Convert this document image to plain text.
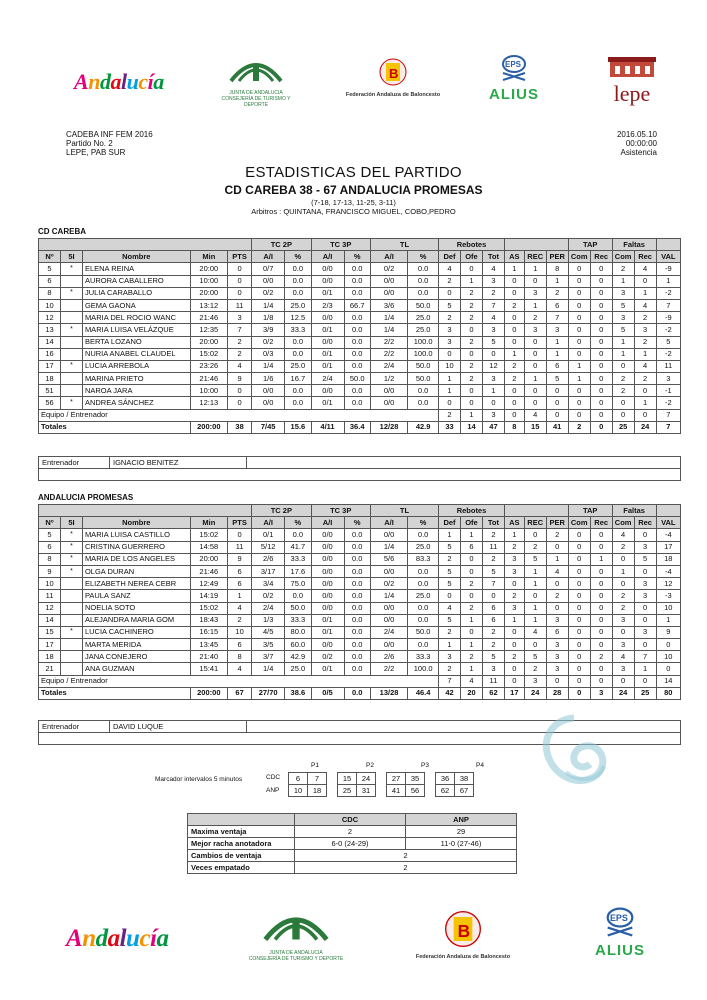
Andalucía	JUNTA DE ANDALUCIA
CONSEJERÍA DE TURISMO Y DEPORTE
B
Federación Andaluza de Baloncesto
EPS
ALIUS	lepe
CADEBA INF FEM 2016
Partido No. 2
LEPE, PAB SUR
2016.05.10
00:00:00
Asistencia
ESTADISTICAS DEL PARTIDO
CD CAREBA 38 - 67 ANDALUCIA PROMESAS
(7-18, 17-13, 11-25, 3-11)
Arbitros : QUINTANA, FRANCISCO MIGUEL, COBO,PEDRO
CD CAREBA
					TC 2P		TC 3P		TL		Rebotes						TAP		Faltas		
Nº	5I	Nombre	Min	PTS	A/I	%	A/I	%	A/I	%	Def	Ofe	Tot	AS	REC	PER	Com	Rec	Com	Rec	VAL
5	*	ELENA REINA	20:00	0	0/7	0.0	0/0	0.0	0/2	0.0	4	0	4	1	1	8	0	0	2	4	-9
6		AURORA CABALLERO	10:00	0	0/0	0.0	0/0	0.0	0/0	0.0	2	1	3	0	0	1	0	0	1	0	1
8	*	JULIA CARABALLO	20:00	0	0/2	0.0	0/1	0.0	0/0	0.0	0	2	2	0	3	2	0	0	3	1	-2
10		GEMA GAONA	13:12	11	1/4	25.0	2/3	66.7	3/6	50.0	5	2	7	2	1	6	0	0	5	4	7
12		MARIA DEL ROCIO WANC	21:46	3	1/8	12.5	0/0	0.0	1/4	25.0	2	2	4	0	2	7	0	0	3	2	-9
13	*	MARIA LUISA VELÁZQUE	12:35	7	3/9	33.3	0/1	0.0	1/4	25.0	3	0	3	0	3	3	0	0	5	3	-2
14		BERTA LOZANO	20:00	2	0/2	0.0	0/0	0.0	2/2	100.0	3	2	5	0	0	1	0	0	1	2	5
16		NURIA ANABEL CLAUDEL	15:02	2	0/3	0.0	0/1	0.0	2/2	100.0	0	0	0	1	0	1	0	0	1	1	-2
17	*	LUCIA ARREBOLA	23:26	4	1/4	25.0	0/1	0.0	2/4	50.0	10	2	12	2	0	6	1	0	0	4	11
18		MARINA PRIETO	21:46	9	1/6	16.7	2/4	50.0	1/2	50.0	1	2	3	2	1	5	1	0	2	2	3
51		NAROA JARA	10:00	0	0/0	0.0	0/0	0.0	0/0	0.0	1	0	1	0	0	0	0	0	2	0	-1
56	*	ANDREA SÁNCHEZ	12:13	0	0/0	0.0	0/1	0.0	0/0	0.0	0	0	0	0	0	0	0	0	0	1	-2
Equipo / Entrenador											2	1	3	0	4	0	0	0	0	0	7
Totales			200:00	38	7/45	15.6	4/11	36.4	12/28	42.9	33	14	47	8	15	41	2	0	25	24	7
Entrenador	IGNACIO BENITEZ	

ANDALUCIA PROMESAS
					TC 2P		TC 3P		TL		Rebotes						TAP		Faltas		
Nº	5I	Nombre	Min	PTS	A/I	%	A/I	%	A/I	%	Def	Ofe	Tot	AS	REC	PER	Com	Rec	Com	Rec	VAL
5	*	MARIA LUISA CASTILLO	15:02	0	0/1	0.0	0/0	0.0	0/0	0.0	1	1	2	1	0	2	0	0	4	0	-4
6	*	CRISTINA GUERRERO	14:58	11	5/12	41.7	0/0	0.0	1/4	25.0	5	6	11	2	2	0	0	0	2	3	17
8	*	MARIA DE LOS ANGELES	20:00	9	2/6	33.3	0/0	0.0	5/6	83.3	2	0	2	3	5	1	0	1	0	5	18
9	*	OLGA DURAN	21:46	6	3/17	17.6	0/0	0.0	0/0	0.0	5	0	5	3	1	4	0	0	1	0	-4
10		ELIZABETH NEREA CEBR	12:49	6	3/4	75.0	0/0	0.0	0/2	0.0	5	2	7	0	1	0	0	0	0	3	12
11		PAULA SANZ	14:19	1	0/2	0.0	0/0	0.0	1/4	25.0	0	0	0	2	0	2	0	0	2	3	-3
12		NOELIA SOTO	15:02	4	2/4	50.0	0/0	0.0	0/0	0.0	4	2	6	3	1	0	0	0	2	0	10
14		ALEJANDRA MARIA GOM	18:43	2	1/3	33.3	0/1	0.0	0/0	0.0	5	1	6	1	1	3	0	0	3	0	1
15	*	LUCIA CACHINERO	16:15	10	4/5	80.0	0/1	0.0	2/4	50.0	2	0	2	0	4	6	0	0	0	3	9
17		MARTA MERIDA	13:45	6	3/5	60.0	0/0	0.0	0/0	0.0	1	1	2	0	0	3	0	0	3	0	0
18		JANA CONEJERO	21:40	8	3/7	42.9	0/2	0.0	2/6	33.3	3	2	5	2	5	3	0	2	4	7	10
21		ANA GUZMAN	15:41	4	1/4	25.0	0/1	0.0	2/2	100.0	2	1	3	0	2	3	0	0	3	1	0
Equipo / Entrenador											7	4	11	0	3	0	0	0	0	0	14
Totales			200:00	67	27/70	38.6	0/5	0.0	13/28	46.4	42	20	62	17	24	28	0	3	24	25	80
Entrenador	DAVID LUQUE	

Marcador intervalos 5 minutos
P1	P2	P3	P4
CDC
ANP
6	7		15	24		27	35		36	38
10	18		25	31		41	56		62	67
	CDC	ANP
Maxima ventaja	2	29
Mejor racha anotadora	6-0 (24-29)	11-0 (27-46)
Cambios de ventaja	2	
Veces empatado	2	
Andalucía
JUNTA DE ANDALUCIA
CONSEJERÍA DE TURISMO Y DEPORTE
B
Federación Andaluza de Baloncesto
EPS
ALIUS
